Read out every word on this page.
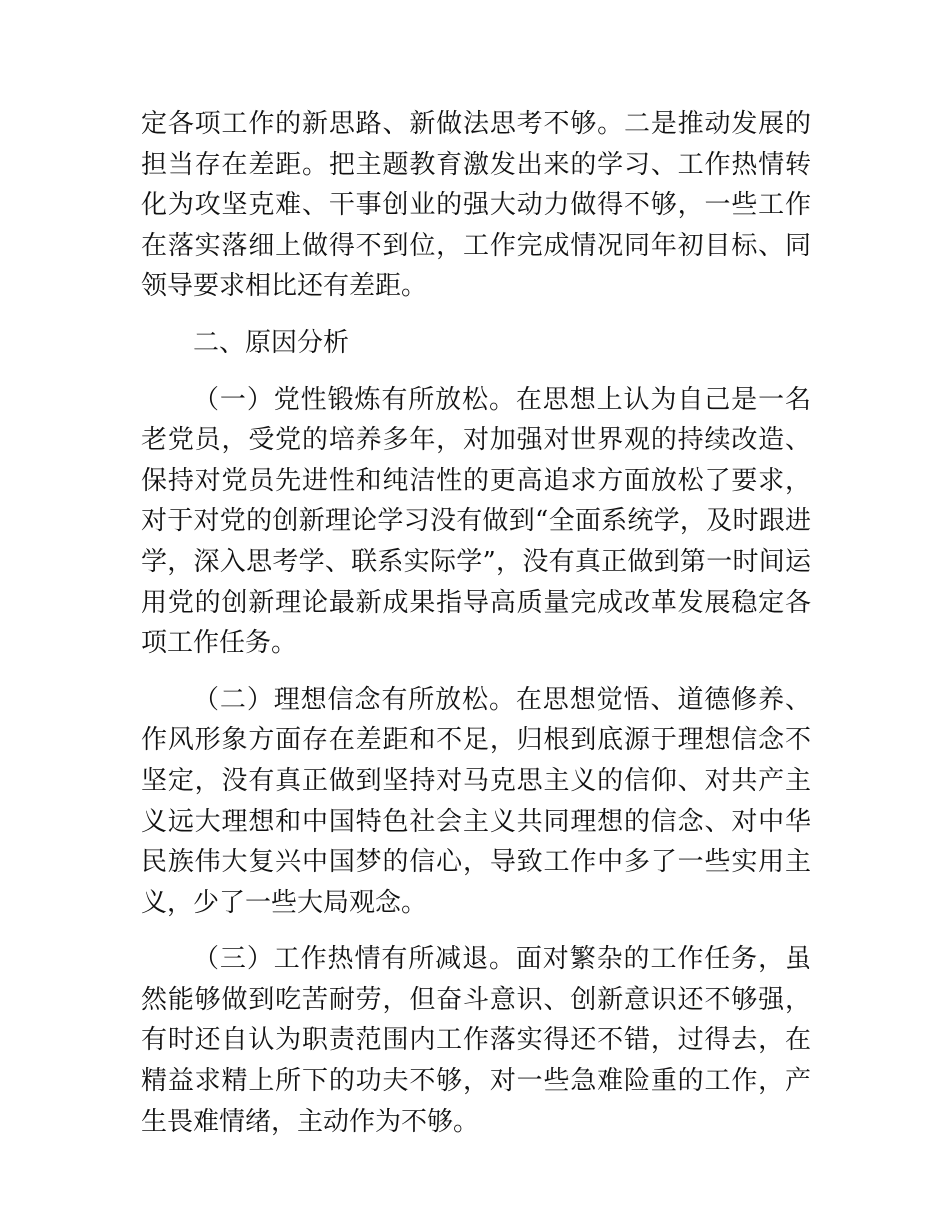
定各项工作的新思路、新做法思考不够。二是推动发展的担当存在差距。把主题教育激发出来的学习、工作热情转化为攻坚克难、干事创业的强大动力做得不够，一些工作在落实落细上做得不到位，工作完成情况同年初目标、同领导要求相比还有差距。

二、原因分析

（一）党性锻炼有所放松。在思想上认为自己是一名老党员，受党的培养多年，对加强对世界观的持续改造、保持对党员先进性和纯洁性的更高追求方面放松了要求，对于对党的创新理论学习没有做到“全面系统学，及时跟进学，深入思考学、联系实际学”，没有真正做到第一时间运用党的创新理论最新成果指导高质量完成改革发展稳定各项工作任务。

（二）理想信念有所放松。在思想觉悟、道德修养、作风形象方面存在差距和不足，归根到底源于理想信念不坚定，没有真正做到坚持对马克思主义的信仰、对共产主义远大理想和中国特色社会主义共同理想的信念、对中华民族伟大复兴中国梦的信心，导致工作中多了一些实用主义，少了一些大局观念。

（三）工作热情有所减退。面对繁杂的工作任务，虽然能够做到吃苦耐劳，但奋斗意识、创新意识还不够强，有时还自认为职责范围内工作落实得还不错，过得去，在精益求精上所下的功夫不够，对一些急难险重的工作，产生畏难情绪，主动作为不够。
